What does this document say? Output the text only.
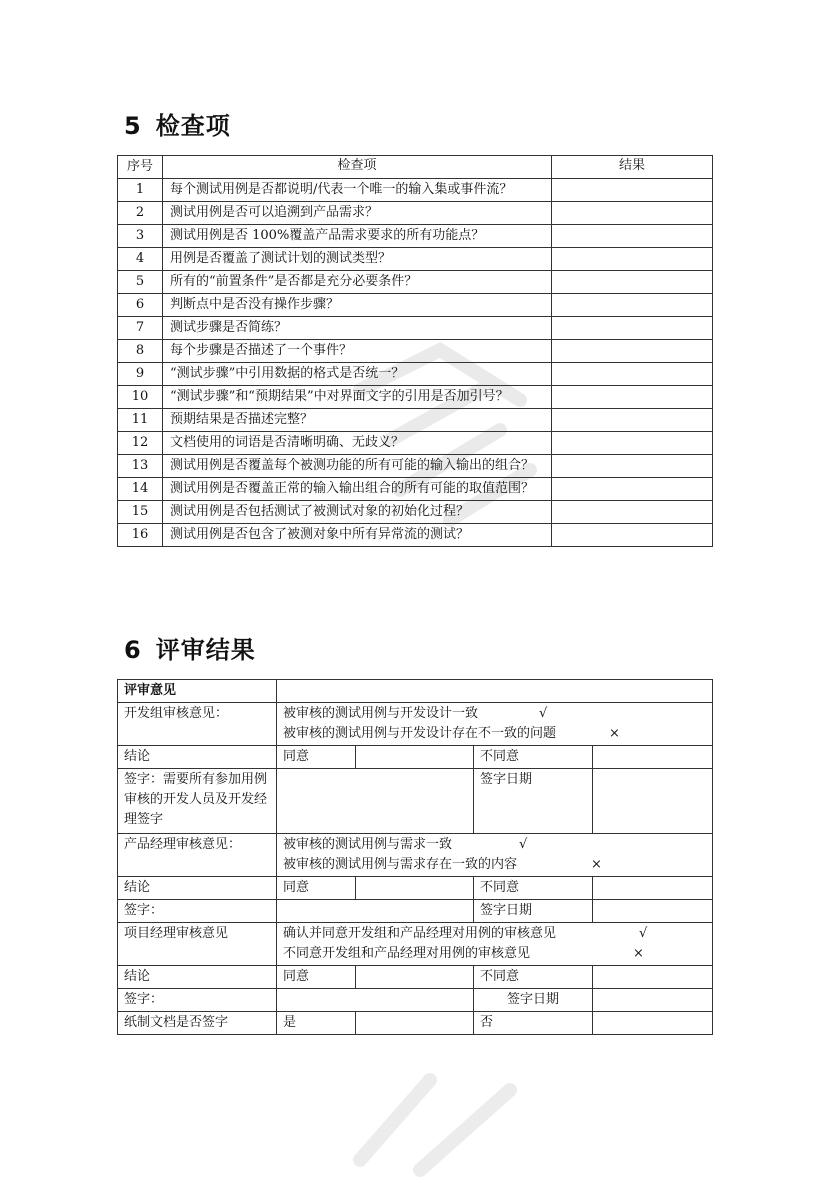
5 检查项
序号	检查项	结果
1	每个测试用例是否都说明/代表一个唯一的输入集或事件流？	
2	测试用例是否可以追溯到产品需求？	
3	测试用例是否 100%覆盖产品需求要求的所有功能点？	
4	用例是否覆盖了测试计划的测试类型？	
5	所有的“前置条件”是否都是充分必要条件？	
6	判断点中是否没有操作步骤？	
7	测试步骤是否简练？	
8	每个步骤是否描述了一个事件？	
9	“测试步骤”中引用数据的格式是否统一？	
10	“测试步骤”和“预期结果”中对界面文字的引用是否加引号？	
11	预期结果是否描述完整？	
12	文档使用的词语是否清晰明确、无歧义？	
13	测试用例是否覆盖每个被测功能的所有可能的输入输出的组合？	
14	测试用例是否覆盖正常的输入输出组合的所有可能的取值范围？	
15	测试用例是否包括测试了被测试对象的初始化过程？	
16	测试用例是否包含了被测对象中所有异常流的测试？	
6 评审结果
评审意见				
开发组审核意见：	被审核的测试用例与开发设计一致 √
被审核的测试用例与开发设计存在不一致的问题 ×			

结论	同意		不同意	
签字：需要所有参加用例审核的开发人员及开发经理签字			签字日期	
产品经理审核意见：	被审核的测试用例与需求一致 √
被审核的测试用例与需求存在一致的内容 ×			

结论	同意		不同意	
签字：			签字日期	
项目经理审核意见	确认并同意开发组和产品经理对用例的审核意见 √
不同意开发组和产品经理对用例的审核意见 ×			

结论	同意		不同意	
签字：			签字日期	
纸制文档是否签字	是		否	
